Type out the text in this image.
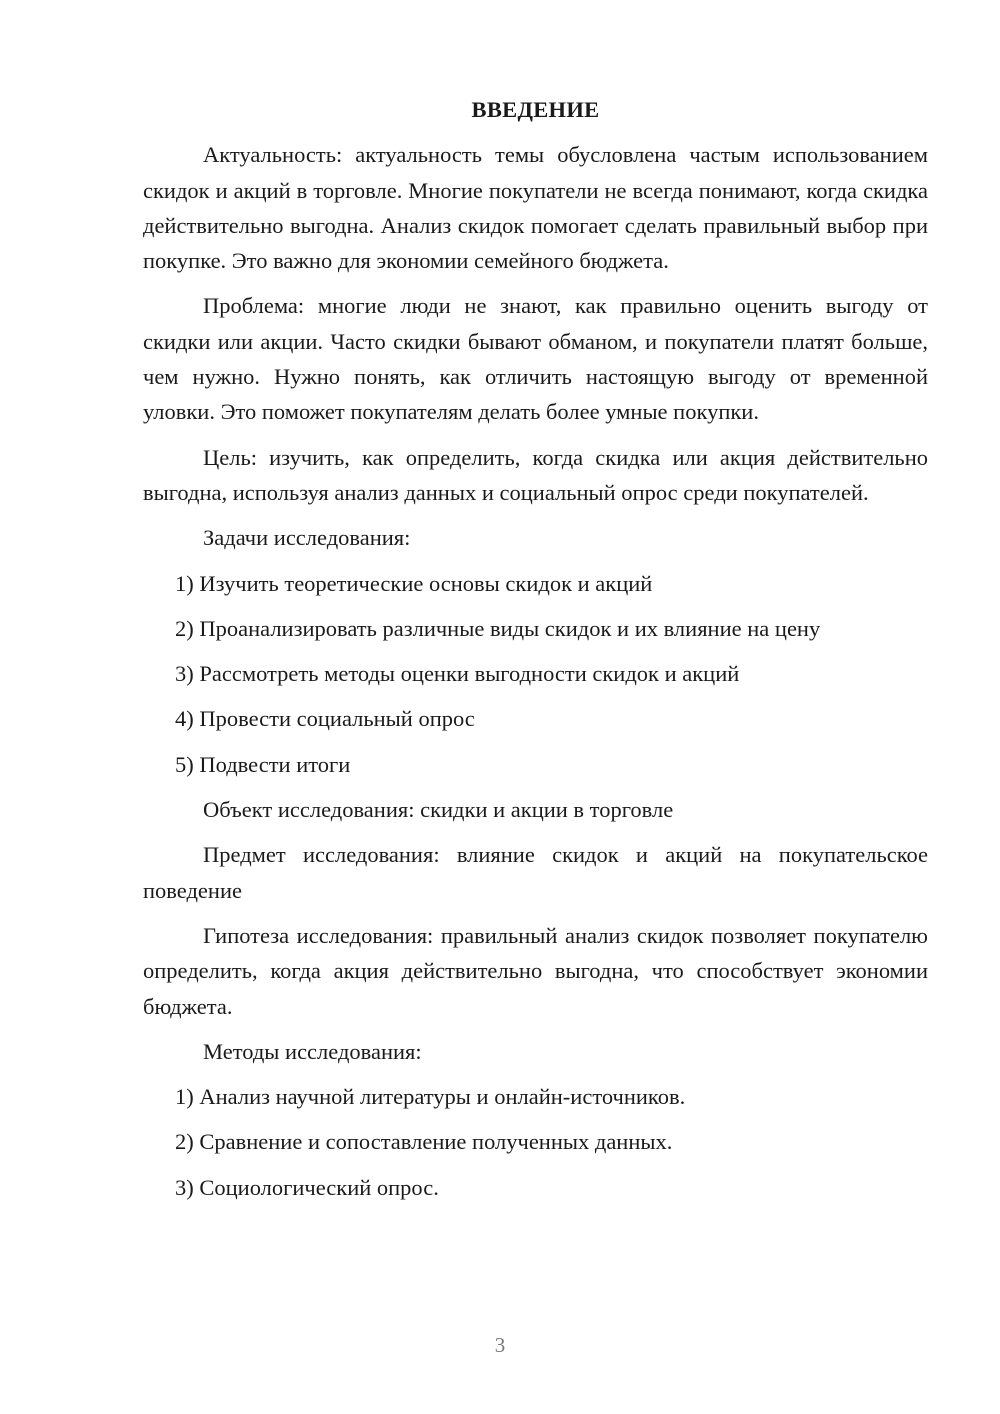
ВВЕДЕНИЕ
Актуальность: актуальность темы обусловлена частым использованием скидок и акций в торговле. Многие покупатели не всегда понимают, когда скидка действительно выгодна. Анализ скидок помогает сделать правильный выбор при покупке. Это важно для экономии семейного бюджета.
Проблема: многие люди не знают, как правильно оценить выгоду от скидки или акции. Часто скидки бывают обманом, и покупатели платят больше, чем нужно. Нужно понять, как отличить настоящую выгоду от временной уловки. Это поможет покупателям делать более умные покупки.
Цель: изучить, как определить, когда скидка или акция действительно выгодна, используя анализ данных и социальный опрос среди покупателей.
Задачи исследования:
1) Изучить теоретические основы скидок и акций
2) Проанализировать различные виды скидок и их влияние на цену
3) Рассмотреть методы оценки выгодности скидок и акций
4) Провести социальный опрос
5) Подвести итоги
Объект исследования: скидки и акции в торговле
Предмет исследования: влияние скидок и акций на покупательское поведение
Гипотеза исследования: правильный анализ скидок позволяет покупателю определить, когда акция действительно выгодна, что способствует экономии бюджета.
Методы исследования:
1) Анализ научной литературы и онлайн-источников.
2) Сравнение и сопоставление полученных данных.
3) Социологический опрос.
3
